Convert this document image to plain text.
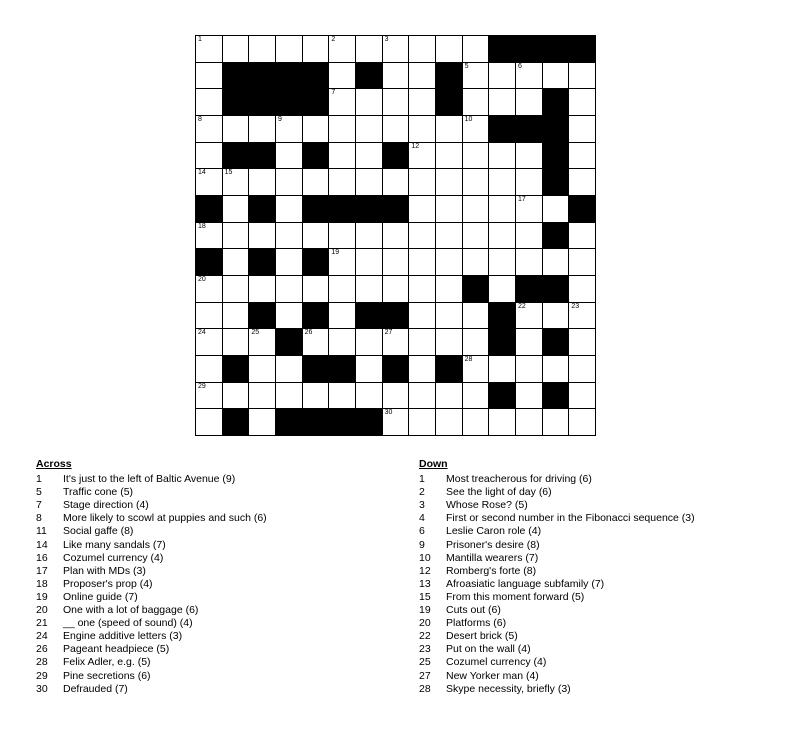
1	2	3	4
5	6
7
8	9	10
11	12	13
14	15
16	17
18
19
20
21	22	23
24	25	26	27
28
29
30
Across
1	It's just to the left of Baltic Avenue (9)
5	Traffic cone (5)
7	Stage direction (4)
8	More likely to scowl at puppies and such (6)
11	Social gaffe (8)
14	Like many sandals (7)
16	Cozumel currency (4)
17	Plan with MDs (3)
18	Proposer's prop (4)
19	Online guide (7)
20	One with a lot of baggage (6)
21	__ one (speed of sound) (4)
24	Engine additive letters (3)
26	Pageant headpiece (5)
28	Felix Adler, e.g. (5)
29	Pine secretions (6)
30	Defrauded (7)
Down
1	Most treacherous for driving (6)
2	See the light of day (6)
3	Whose Rose? (5)
4	First or second number in the Fibonacci sequence (3)
6	Leslie Caron role (4)
9	Prisoner's desire (8)
10	Mantilla wearers (7)
12	Romberg's forte (8)
13	Afroasiatic language subfamily (7)
15	From this moment forward (5)
19	Cuts out (6)
20	Platforms (6)
22	Desert brick (5)
23	Put on the wall (4)
25	Cozumel currency (4)
27	New Yorker man (4)
28	Skype necessity, briefly (3)
